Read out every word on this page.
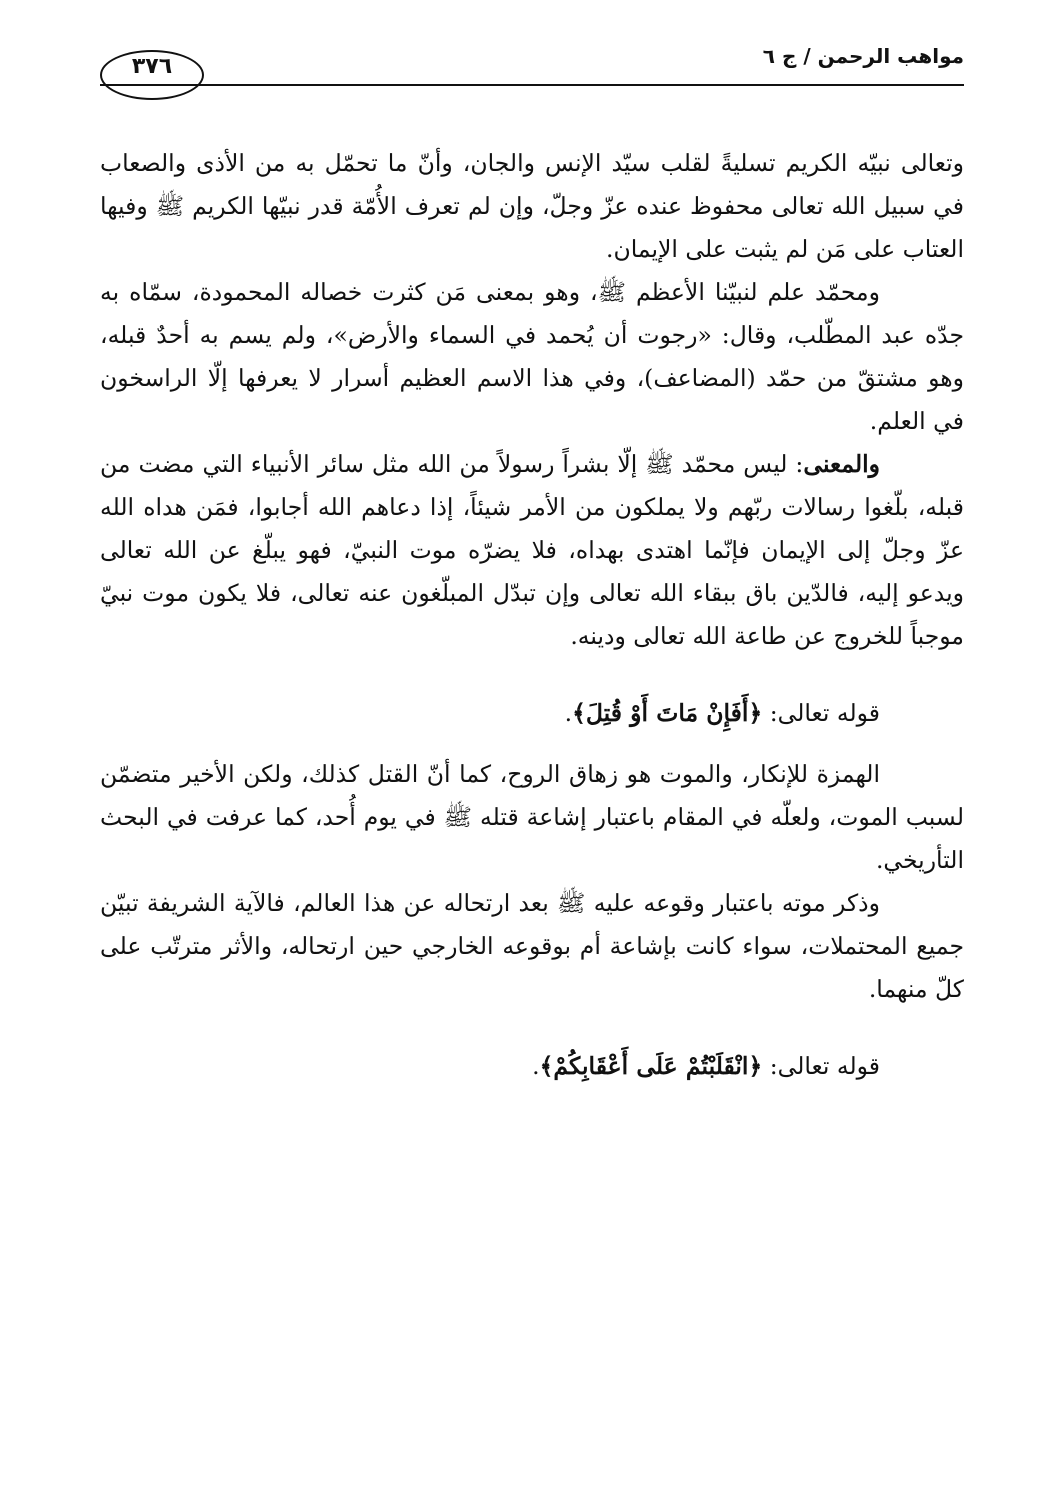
مواهب الرحمن / ج ٦
٣٧٦

وتعالى نبيّه الكريم تسليةً لقلب سيّد الإنس والجان، وأنّ ما تحمّل به من الأذى والصعاب في سبيل الله تعالى محفوظ عنده عزّ وجلّ، وإن لم تعرف الأُمّة قدر نبيّها الكريم ﷺ وفيها العتاب على مَن لم يثبت على الإيمان.

ومحمّد علم لنبيّنا الأعظم ﷺ، وهو بمعنى مَن كثرت خصاله المحمودة، سمّاه به جدّه عبد المطّلب، وقال: «رجوت أن يُحمد في السماء والأرض»، ولم يسم به أحدٌ قبله، وهو مشتقّ من حمّد (المضاعف)، وفي هذا الاسم العظيم أسرار لا يعرفها إلّا الراسخون في العلم.

والمعنى: ليس محمّد ﷺ إلّا بشراً رسولاً من الله مثل سائر الأنبياء التي مضت من قبله، بلّغوا رسالات ربّهم ولا يملكون من الأمر شيئاً، إذا دعاهم الله أجابوا، فمَن هداه الله عزّ وجلّ إلى الإيمان فإنّما اهتدى بهداه، فلا يضرّه موت النبيّ، فهو يبلّغ عن الله تعالى ويدعو إليه، فالدّين باق ببقاء الله تعالى وإن تبدّل المبلّغون عنه تعالى، فلا يكون موت نبيّ موجباً للخروج عن طاعة الله تعالى ودينه.

قوله تعالى: ﴿أَفَإِنْ مَاتَ أَوْ قُتِلَ﴾.

الهمزة للإنكار، والموت هو زهاق الروح، كما أنّ القتل كذلك، ولكن الأخير متضمّن لسبب الموت، ولعلّه في المقام باعتبار إشاعة قتله ﷺ في يوم أُحد، كما عرفت في البحث التأريخي.

وذكر موته باعتبار وقوعه عليه ﷺ بعد ارتحاله عن هذا العالم، فالآية الشريفة تبيّن جميع المحتملات، سواء كانت بإشاعة أم بوقوعه الخارجي حين ارتحاله، والأثر مترتّب على كلّ منهما.

قوله تعالى: ﴿انْقَلَبْتُمْ عَلَى أَعْقَابِكُمْ﴾.
